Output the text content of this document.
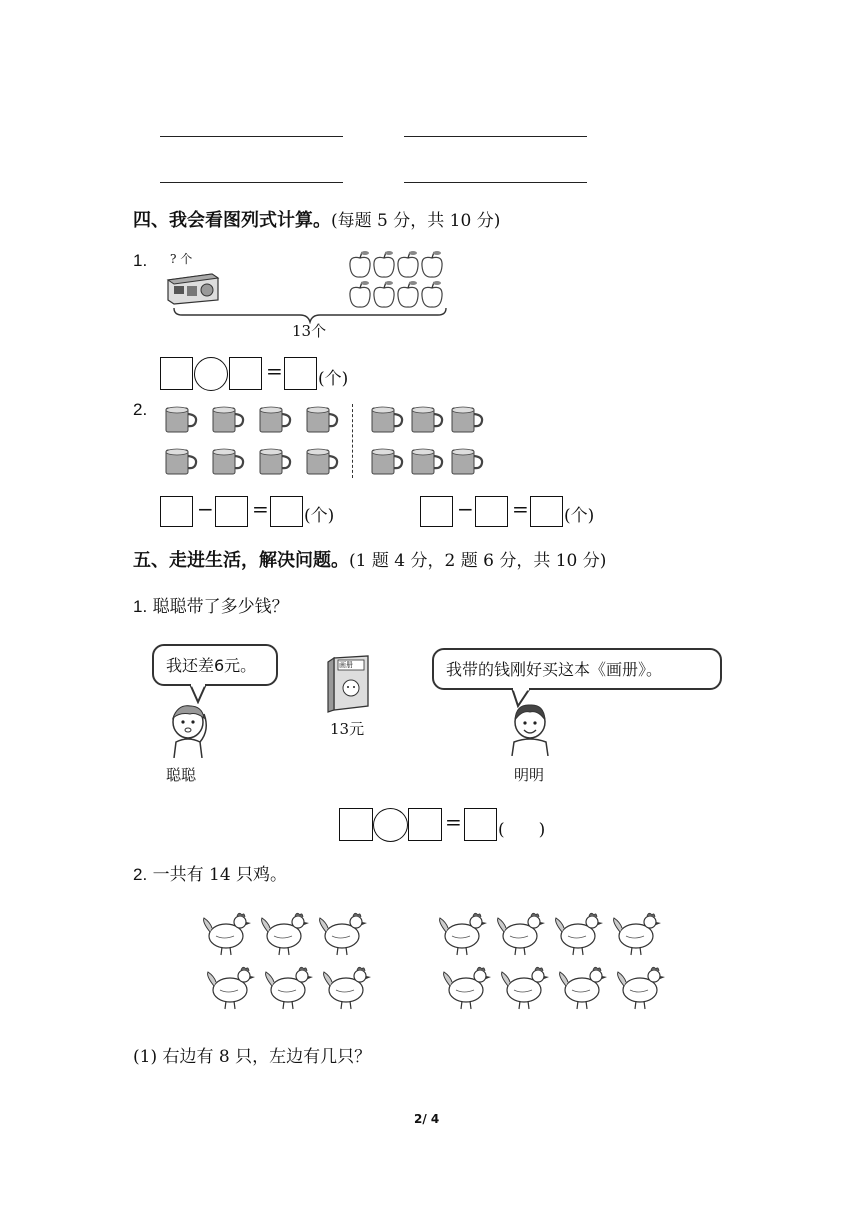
四、我会看图列式计算。(每题 5 分，共 10 分)
1. ? 个
13个
= (个)
2.
− = (个)	− = (个)
五、走进生活，解决问题。(1 题 4 分，2 题 6 分，共 10 分)
1. 聪聪带了多少钱？
我还差6元。
聪聪
画册
13元
我带的钱刚好买这本《画册》。
明明
= (　　)
2. 一共有 14 只鸡。
(1) 右边有 8 只，左边有几只？
2/ 4
